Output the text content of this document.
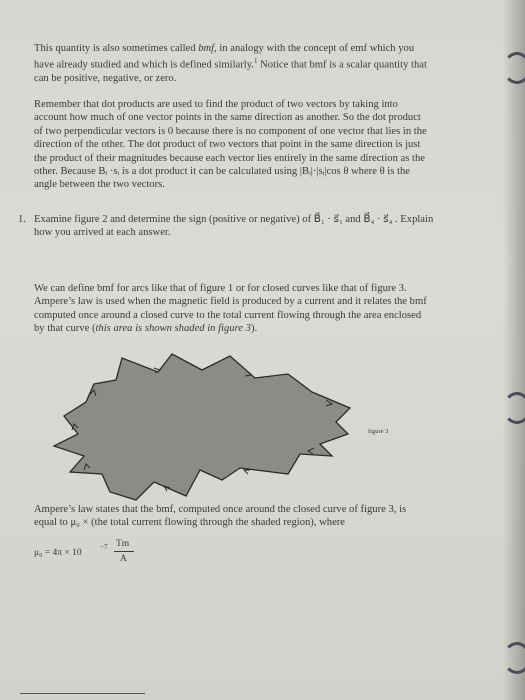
This quantity is also sometimes called bmf, in analogy with the concept of emf which you
have already studied and which is defined similarly.$^1$ Notice that bmf is a scalar quantity that
can be positive, negative, or zero.
Remember that dot products are used to find the product of two vectors by taking into
account how much of one vector points in the same direction as another. So the dot product
of two perpendicular vectors is 0 because there is no component of one vector that lies in the
direction of the other. The dot product of two vectors that point in the same direction is just
the product of their magnitudes because each vector lies entirely in the same direction as the
other. Because Bᵢ ·sᵢ is a dot product it can be calculated using |Bᵢ|·|sᵢ|cos θ where θ is the
angle between the two vectors.
1. Examine figure 2 and determine the sign (positive or negative) of B⃗₁ · s⃗₁ and B⃗₄ · s⃗₄ . Explain
how you arrived at each answer.
We can define bmf for arcs like that of figure 1 or for closed curves like that of figure 3.
Ampere’s law is used when the magnetic field is produced by a current and it relates the bmf
computed once around a closed curve to the total current flowing through the area enclosed
by that curve (this area is shown shaded in figure 3).
figure 3
Ampere’s law states that the bmf, computed once around the closed curve of figure 3, is
equal to μ₀ × (the total current flowing through the shaded region), where
μ₀ = 4π × 10
−7 Tm
A
